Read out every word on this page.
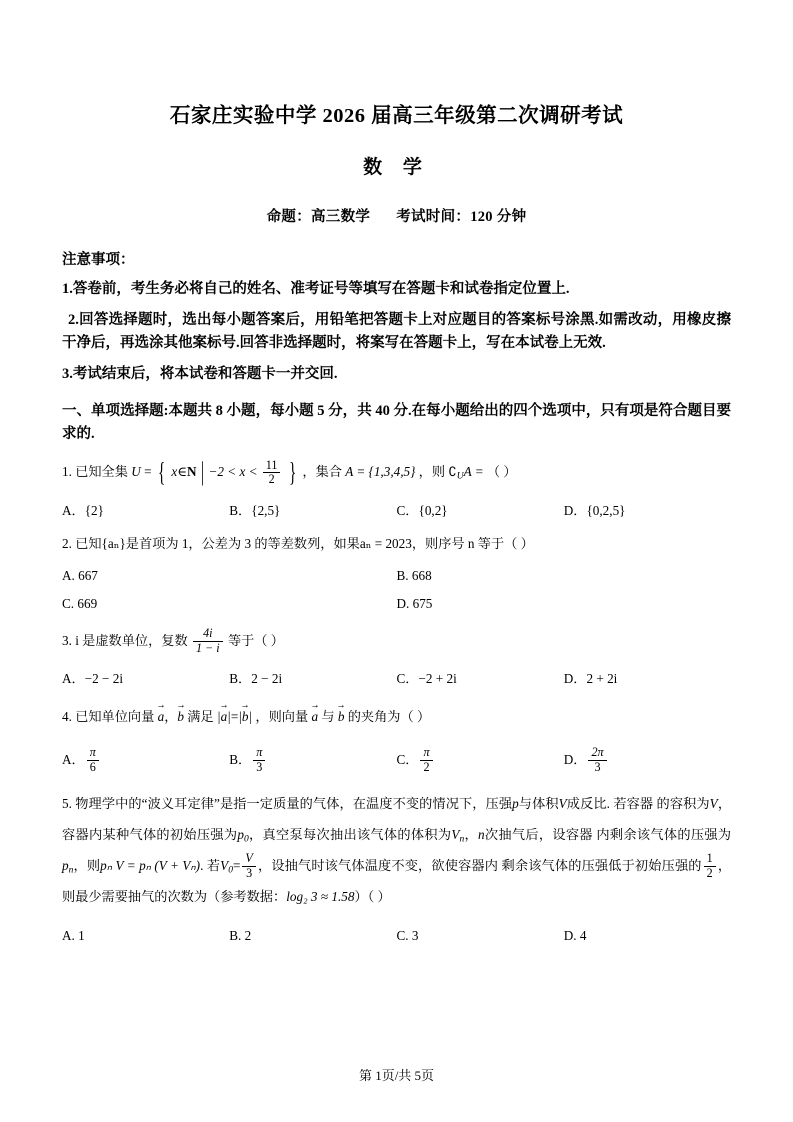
石家庄实验中学 2026 届高三年级第二次调研考试
数 学
命题：高三数学 考试时间：120 分钟
注意事项：
1.答卷前，考生务必将自己的姓名、准考证号等填写在答题卡和试卷指定位置上.
2.回答选择题时，选出每小题答案后，用铅笔把答题卡上对应题目的答案标号涂黑.如需改动，用橡皮擦干净后，再选涂其他案标号.回答非选择题时，将案写在答题卡上，写在本试卷上无效.
3.考试结束后，将本试卷和答题卡一并交回.
一、单项选择题:本题共 8 小题，每小题 5 分，共 40 分.在每小题给出的四个选项中，只有项是符合题目要求的.
1. 已知全集 U = { x∈N | $-2 < x < \frac{11}{2}$ } ，集合 A = {1,3,4,5} ，则 $∁_UA$ = （ ）
A．{2}	B．{2,5}	C．{0,2}	D．{0,2,5}
2. 已知{aₙ}是首项为 1，公差为 3 的等差数列，如果aₙ = 2023，则序号 n 等于（ ）
A. 667	B. 668
C. 669	D. 675
3. i 是虚数单位，复数 $\frac{4i}{1 - i}$ 等于（ ）
A．−2 − 2i	B．2 − 2i	C．−2 + 2i	D．2 + 2i
4. 已知单位向量 → a，→ b 满足 → |a|=→ |b| ，则向量 → a 与 → b 的夹角为（ ）
A． $\frac{\pi}{6}$	B． $\frac{\pi}{3}$	C． $\frac{\pi}{2}$	D． $\frac{2\pi}{3}$
5. 物理学中的“波义耳定律”是指一定质量的气体，在温度不变的情况下，压强p与体积V成反比. 若容器 的容积为V，容器内某种气体的初始压强为$p_0$，真空泵每次抽出该气体的体积为$V_n$，n次抽气后，设容器 内剩余该气体的压强为$p_n$，则pₙ V = pₙ (V + Vₙ). 若$V_0= \frac{V}{3}$ ，设抽气时该气体温度不变，欲使容器内 剩余该气体的压强低于初始压强的 $\frac{1}{2}$ ，则最少需要抽气的次数为（参考数据：log₂ 3 ≈ 1.58）（ ）
A. 1	B. 2	C. 3	D. 4
第 1页/共 5页
